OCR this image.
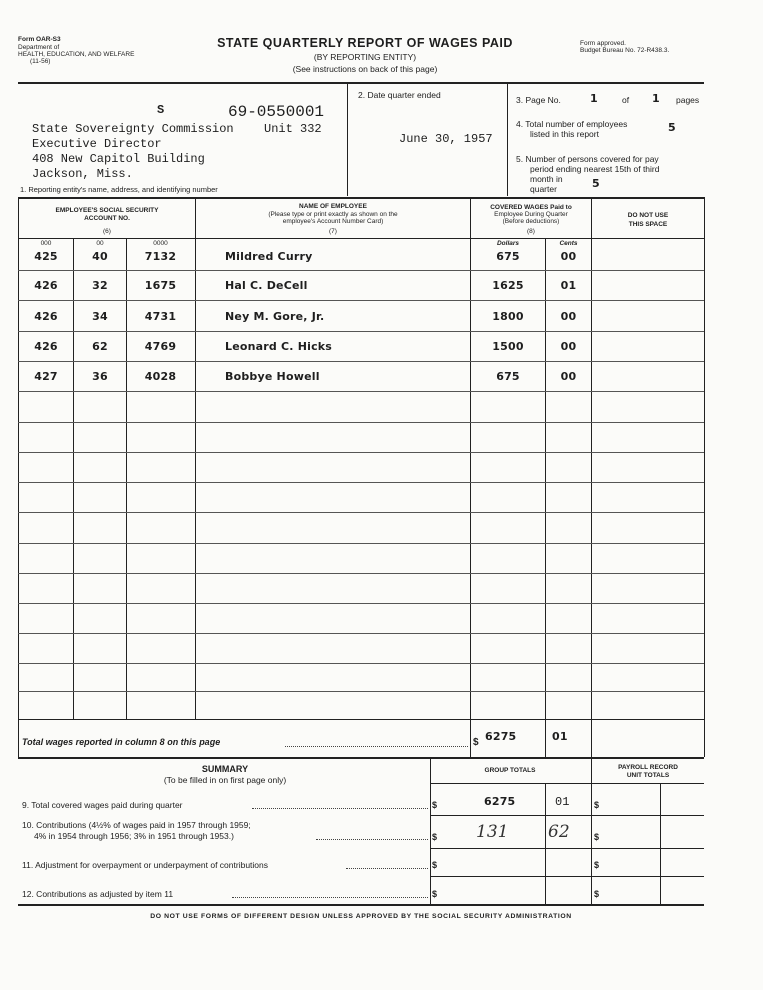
Form OAR-S3
Department of
HEALTH, EDUCATION, AND WELFARE
(11-56)
STATE QUARTERLY REPORT OF WAGES PAID
(BY REPORTING ENTITY)
(See instructions on back of this page)
Form approved.
Budget Bureau No. 72-R438.3.
S	69-0550001
State Sovereignty Commission	Unit 332
Executive Director
408 New Capitol Building
Jackson, Miss.
1. Reporting entity's name, address, and identifying number
2. Date quarter ended
June 30, 1957
3. Page No.	1	of 1 pages
4. Total number of employees
listed in this report	5
5. Number of persons covered for pay
period ending nearest 15th of third
month in
quarter	5
EMPLOYEE'S SOCIAL SECURITY
ACCOUNT NO.
(6)
NAME OF EMPLOYEE
(Please type or print exactly as shown on the
employee's Account Number Card)
(7)
COVERED WAGES Paid to
Employee During Quarter
(Before deductions)
(8)
DO NOT USE
THIS SPACE
000	00	0000	Dollars	Cents
425	40	7132	Mildred Curry	675	00
426	32	1675	Hal C. DeCell	1625	01
426	34	4731	Ney M. Gore, Jr.	1800	00
426	62	4769	Leonard C. Hicks	1500	00
427	36	4028	Bobbye Howell	675	00
Total wages reported in column 8 on this page	$ 6275	01
SUMMARY
(To be filled in on first page only)
GROUP TOTALS	PAYROLL RECORD
UNIT TOTALS
9. Total covered wages paid during quarter	$	6275	01	$
10. Contributions (4½% of wages paid in 1957 through 1959;
4% in 1954 through 1956; 3% in 1951 through 1953.)	$ 131 62	$
11. Adjustment for overpayment or underpayment of contributions	$	$
12. Contributions as adjusted by item 11	$	$
DO NOT USE FORMS OF DIFFERENT DESIGN UNLESS APPROVED BY THE SOCIAL SECURITY ADMINISTRATION
